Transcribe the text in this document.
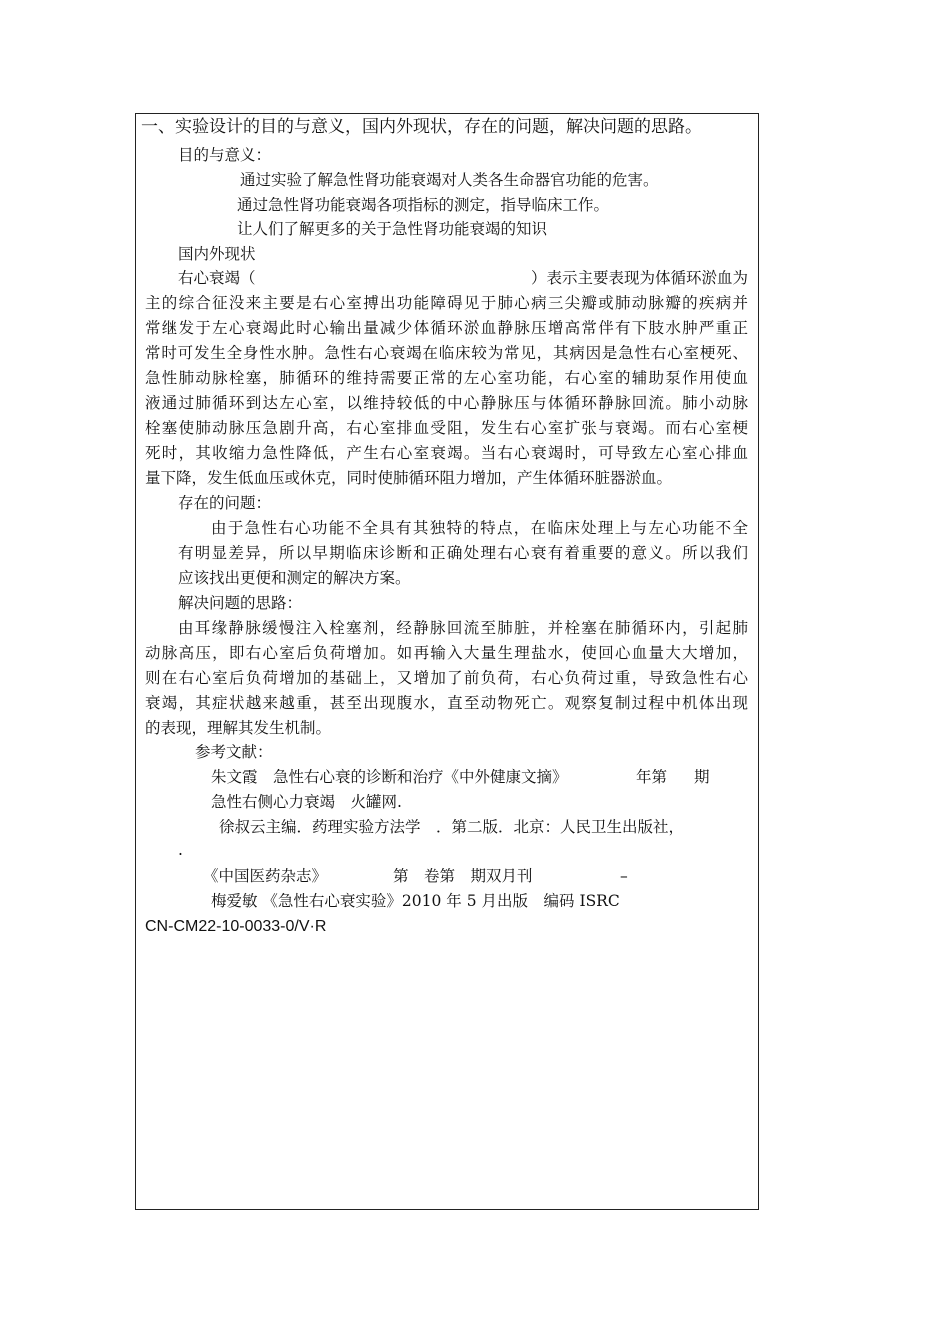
一、实验设计的目的与意义，国内外现状，存在的问题，解决问题的思路。
目的与意义：
通过实验了解急性肾功能衰竭对人类各生命器官功能的危害。
通过急性肾功能衰竭各项指标的测定，指导临床工作。
让人们了解更多的关于急性肾功能衰竭的知识
国内外现状
右心衰竭（	）表示主要表现为体循环淤血为
主的综合征没来主要是右心室搏出功能障碍见于肺心病三尖瓣或肺动脉瓣的疾病并
常继发于左心衰竭此时心输出量减少体循环淤血静脉压增高常伴有下肢水肿严重正
常时可发生全身性水肿。急性右心衰竭在临床较为常见，其病因是急性右心室梗死、
急性肺动脉栓塞，肺循环的维持需要正常的左心室功能，右心室的辅助泵作用使血
液通过肺循环到达左心室，以维持较低的中心静脉压与体循环静脉回流。肺小动脉
栓塞使肺动脉压急剧升高，右心室排血受阻，发生右心室扩张与衰竭。而右心室梗
死时，其收缩力急性降低，产生右心室衰竭。当右心衰竭时，可导致左心室心排血
量下降，发生低血压或休克，同时使肺循环阻力增加，产生体循环脏器淤血。
存在的问题：
由于急性右心功能不全具有其独特的特点，在临床处理上与左心功能不全
有明显差异，所以早期临床诊断和正确处理右心衰有着重要的意义。所以我们
应该找出更便和测定的解决方案。
解决问题的思路：
由耳缘静脉缓慢注入栓塞剂，经静脉回流至肺脏，并栓塞在肺循环内，引起肺
动脉高压，即右心室后负荷增加。如再输入大量生理盐水，使回心血量大大增加，
则在右心室后负荷增加的基础上，又增加了前负荷，右心负荷过重，导致急性右心
衰竭，其症状越来越重，甚至出现腹水，直至动物死亡。观察复制过程中机体出现
的表现，理解其发生机制。
参考文献：
朱文霞　急性右心衰的诊断和治疗《中外健康文摘》	年第 期
急性右侧心力衰竭　火罐网.
徐叔云主编．药理实验方法学　．第二版．北京：人民卫生出版社，
.
《中国医药杂志》	第　卷第　期双月刊	–
梅爱敏 《急性右心衰实验》2010 年 5 月出版　编码 ISRC
CN-CM22-10-0033-0/V·R
